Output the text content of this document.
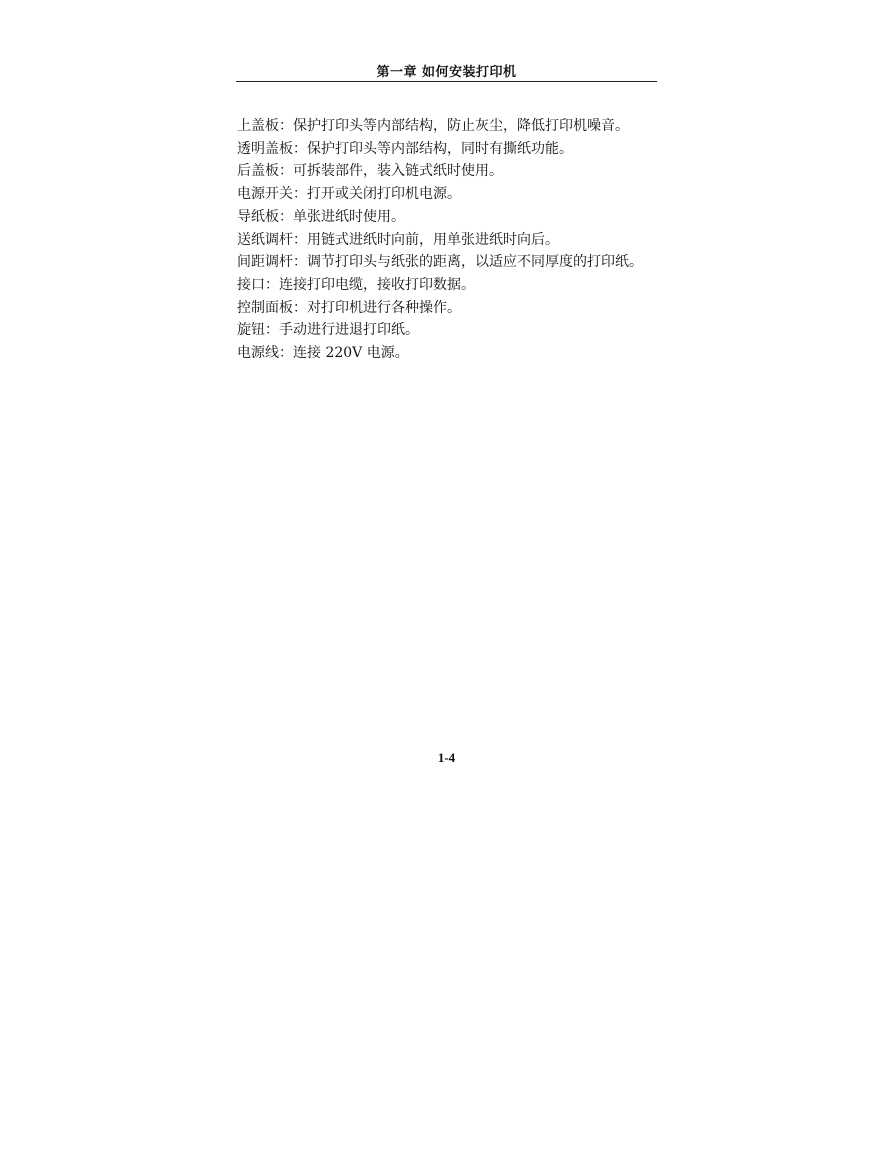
第一章 如何安装打印机
上盖板：保护打印头等内部结构，防止灰尘，降低打印机噪音。
透明盖板：保护打印头等内部结构，同时有撕纸功能。
后盖板：可拆装部件，装入链式纸时使用。
电源开关：打开或关闭打印机电源。
导纸板：单张进纸时使用。
送纸调杆：用链式进纸时向前，用单张进纸时向后。
间距调杆：调节打印头与纸张的距离，以适应不同厚度的打印纸。
接口：连接打印电缆，接收打印数据。
控制面板：对打印机进行各种操作。
旋钮：手动进行进退打印纸。
电源线：连接 220V 电源。
1-4
